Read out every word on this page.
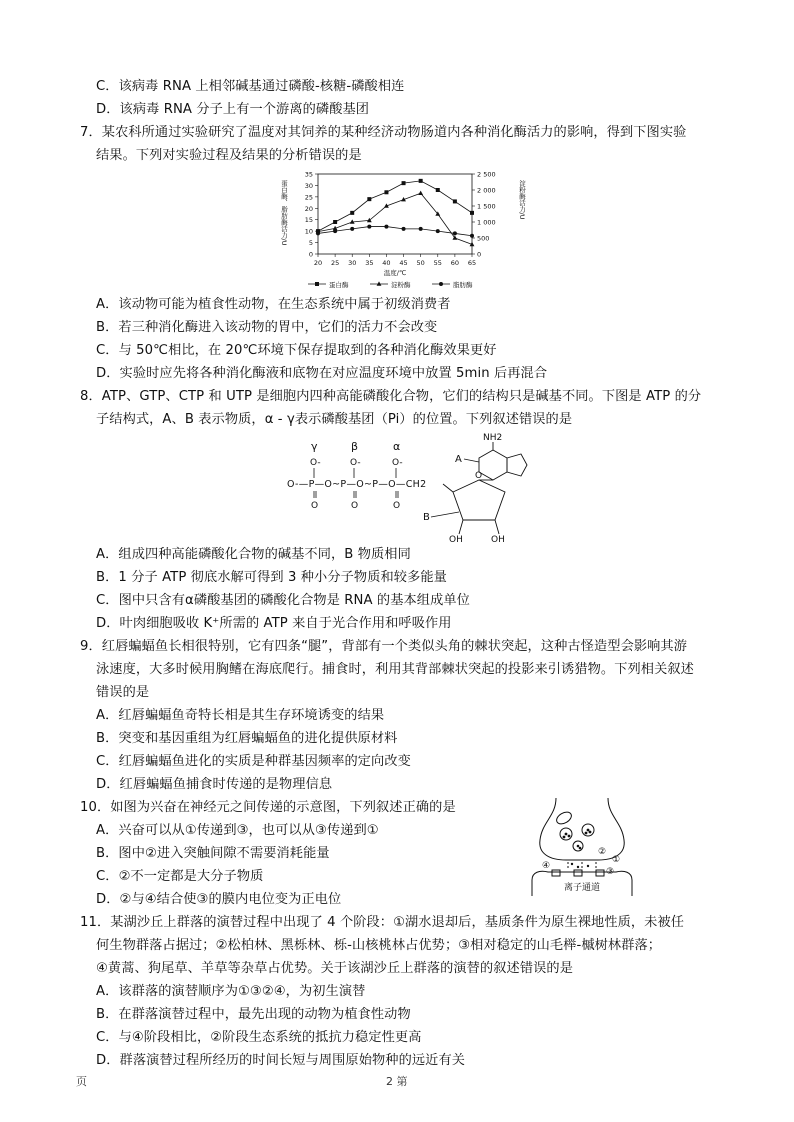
C．该病毒 RNA 上相邻碱基通过磷酸-核糖-磷酸相连
D．该病毒 RNA 分子上有一个游离的磷酸基团
7．某农科所通过实验研究了温度对其饲养的某种经济动物肠道内各种消化酶活力的影响，得到下图实验
结果。下列对实验过程及结果的分析错误的是
0
5
10
15
20
25
30
35
0
500
1 000
1 500
2 000
2 500
20 25 30 35 40 45 50 55 60 65
温度/℃
蛋白酶、脂肪酶活力/U	淀粉酶活力/U
蛋白酶	淀粉酶	脂肪酶
A．该动物可能为植食性动物，在生态系统中属于初级消费者
B．若三种消化酶进入该动物的胃中，它们的活力不会改变
C．与 50℃相比，在 20℃环境下保存提取到的各种消化酶效果更好
D．实验时应先将各种消化酶液和底物在对应温度环境中放置 5min 后再混合
8．ATP、GTP、CTP 和 UTP 是细胞内四种高能磷酸化合物，它们的结构只是碱基不同。下图是 ATP 的分
子结构式，A、B 表示物质，α - γ表示磷酸基团（Pi）的位置。下列叙述错误的是
γ	β	α
O-	O-	O-
O-—P—O~P—O~P—O—CH2
O	O	O
O
OH	OH
B
NH2
A
A．组成四种高能磷酸化合物的碱基不同，B 物质相同
B．1 分子 ATP 彻底水解可得到 3 种小分子物质和较多能量
C．图中只含有α磷酸基团的磷酸化合物是 RNA 的基本组成单位
D．叶肉细胞吸收 K⁺所需的 ATP 来自于光合作用和呼吸作用
9．红唇蝙蝠鱼长相很特别，它有四条“腿”，背部有一个类似头角的棘状突起，这种古怪造型会影响其游
泳速度，大多时候用胸鳍在海底爬行。捕食时，利用其背部棘状突起的投影来引诱猎物。下列相关叙述
错误的是
A．红唇蝙蝠鱼奇特长相是其生存环境诱变的结果
B．突变和基因重组为红唇蝙蝠鱼的进化提供原材料
C．红唇蝙蝠鱼进化的实质是种群基因频率的定向改变
D．红唇蝙蝠鱼捕食时传递的是物理信息
10．如图为兴奋在神经元之间传递的示意图，下列叙述正确的是
A．兴奋可以从①传递到③，也可以从③传递到①
B．图中②进入突触间隙不需要消耗能量
C．②不一定都是大分子物质
D．②与④结合使③的膜内电位变为正电位
②
①
④
③
离子通道
11．某湖沙丘上群落的演替过程中出现了 4 个阶段：①湖水退却后，基质条件为原生裸地性质，未被任
何生物群落占据过；②松柏林、黑栎林、栎-山核桃林占优势；③相对稳定的山毛榉-槭树林群落；
④黄蒿、狗尾草、羊草等杂草占优势。关于该湖沙丘上群落的演替的叙述错误的是
A．该群落的演替顺序为①③②④，为初生演替
B．在群落演替过程中，最先出现的动物为植食性动物
C．与④阶段相比，②阶段生态系统的抵抗力稳定性更高
D．群落演替过程所经历的时间长短与周围原始物种的远近有关
页	2 第
